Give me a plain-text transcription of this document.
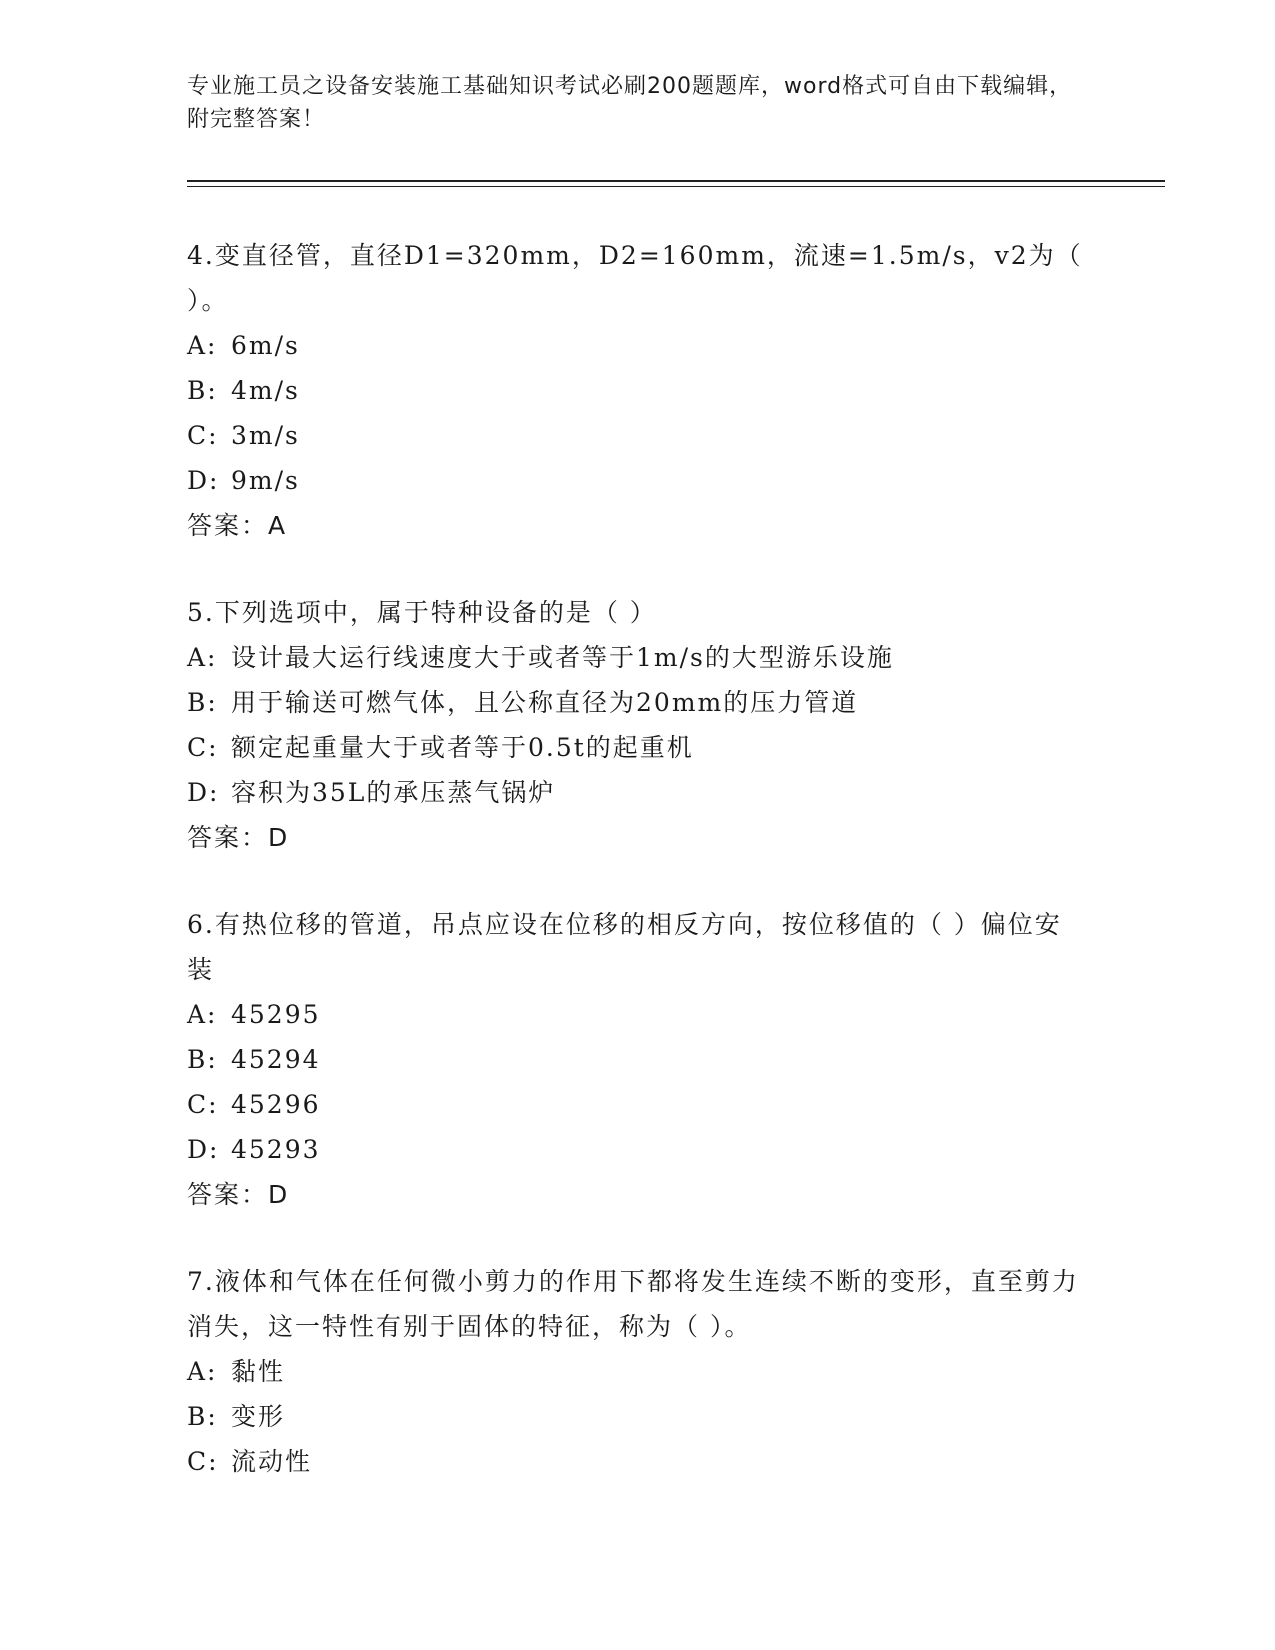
专业施工员之设备安装施工基础知识考试必刷200题题库，word格式可自由下载编辑，附完整答案！
4.变直径管，直径D1=320mm，D2=160mm，流速=1.5m/s，v2为（ ）。
A: 6m/s
B: 4m/s
C: 3m/s
D: 9m/s
答案：A
5.下列选项中，属于特种设备的是（ ）
A: 设计最大运行线速度大于或者等于1m/s的大型游乐设施
B: 用于输送可燃气体，且公称直径为20mm的压力管道
C: 额定起重量大于或者等于0.5t的起重机
D: 容积为35L的承压蒸气锅炉
答案：D
6.有热位移的管道，吊点应设在位移的相反方向，按位移值的（ ）偏位安装
A: 45295
B: 45294
C: 45296
D: 45293
答案：D
7.液体和气体在任何微小剪力的作用下都将发生连续不断的变形，直至剪力消失，这一特性有别于固体的特征，称为（ ）。
A: 黏性
B: 变形
C: 流动性
